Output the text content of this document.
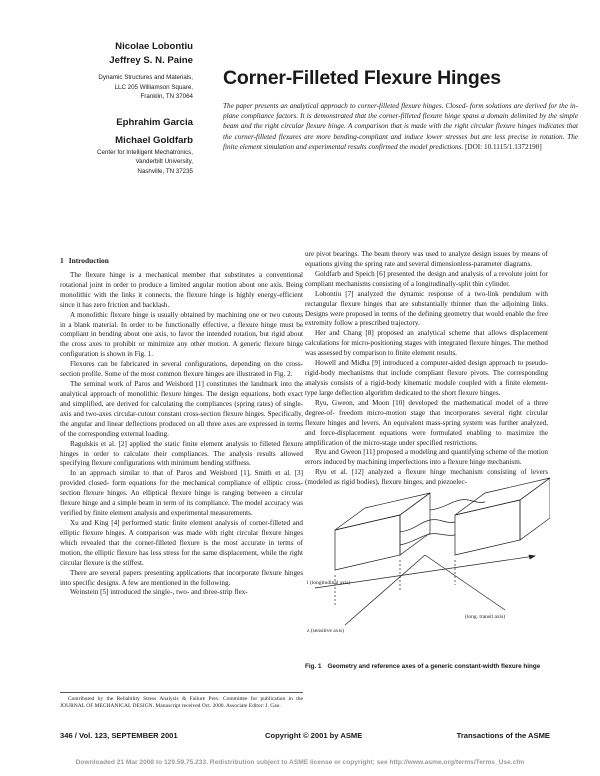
Nicolae Lobontiu
Jeffrey S. N. Paine
Dynamic Structures and Materials,
LLC 205 Williamson Square,
Franklin, TN 37064
Ephrahim Garcia
Michael Goldfarb
Center for Intelligent Mechatronics,
Vanderbilt University,
Nashville, TN 37235
Corner-Filleted Flexure Hinges

The paper presents an analytical approach to corner-filleted flexure hinges. Closed- form solutions are derived for the in-plane compliance factors. It is demonstrated that the corner-filleted flexure hinge spans a domain delimited by the simple beam and the right circular flexure hinge. A comparison that is made with the right circular flexure hinges indicates that the corner-filleted flexures are more bending-compliant and induce lower stresses but are less precise in rotation. The finite element simulation and experimental results confirmed the model predictions. [DOI: 10.1115/1.1372190]

1 Introduction

The flexure hinge is a mechanical member that substitutes a conventional rotational joint in order to produce a limited angular motion about one axis. Being monolithic with the links it connects, the flexure hinge is highly energy-efficient since it has zero friction and backlash.

A monolithic flexure hinge is usually obtained by machining one or two cutouts in a blank material. In order to be functionally effective, a flexure hinge must be compliant in bending about one axis, to favor the intended rotation, but rigid about the cross axes to prohibit or minimize any other motion. A generic flexure hinge configuration is shown in Fig. 1.

Flexures can be fabricated in several configurations, depending on the cross-section profile. Some of the most common flexure hinges are illustrated in Fig. 2.

The seminal work of Paros and Weisbord [1] constitutes the landmark into the analytical approach of monolithic flexure hinges. The design equations, both exact and simplified, are derived for calculating the compliances (spring rates) of single-axis and two-axes circular-cutout constant cross-section flexure hinges. Specifically, the angular and linear deflections produced on all three axes are expressed in terms of the corresponding external loading.

Ragulskis et al. [2] applied the static finite element analysis to filleted flexure hinges in order to calculate their compliances. The analysis results allowed specifying flexure configurations with minimum bending stiffness.

In an approach similar to that of Paros and Weisbord [1], Smith et al. [3] provided closed- form equations for the mechanical compliance of elliptic cross-section flexure hinges. An elliptical flexure hinge is ranging between a circular flexure hinge and a simple beam in term of its compliance. The model accuracy was verified by finite element analysis and experimental measurements.

Xu and King [4] performed static finite element analysis of corner-filleted and elliptic flexure hinges. A comparison was made with right circular flexure hinges which revealed that the corner-filleted flexure is the most accurate in terms of motion, the elliptic flexure has less stress for the same displacement, while the right circular flexure is the stiffest.

There are several papers presenting applications that incorporate flexure hinges into specific designs. A few are mentioned in the following.

Weinstein [5] introduced the single-, two- and three-strip flex-

Contributed by the Reliability Stress Analysis & Failure Prev. Committee for publication in the JOURNAL OF MECHANICAL DESIGN. Manuscript received Oct. 2000. Associate Editor: J. Gao.

ure pivot bearings. The beam theory was used to analyze design issues by means of equations giving the spring rate and several dimensionless-parameter diagrams.

Goldfarb and Speich [6] presented the design and analysis of a revolute joint for compliant mechanisms consisting of a longitudinally-split thin cylinder.

Lobontiu [7] analyzed the dynamic response of a two-link pendulum with rectangular flexure hinges that are substantially thinner than the adjoining links. Designs were proposed in terms of the defining geometry that would enable the free extremity follow a prescribed trajectory.

Her and Chang [8] proposed an analytical scheme that allows displacement calculations for micro-positioning stages with integrated flexure hinges. The method was assessed by comparison to finite element results.

Howell and Midha [9] introduced a computer-aided design approach to pseudo-rigid-body mechanisms that include compliant flexure pivots. The corresponding analysis consists of a rigid-body kinematic module coupled with a finite element-type large deflection algorithm dedicated to the short flexure hinges.

Ryu, Gweon, and Moon [10] developed the mathematical model of a three degree-of- freedom micro-motion stage that incorporates several right circular flexure hinges and levers. An equivalent mass-spring system was further analyzed, and force-displacement equations were formulated enabling to maximize the amplification of the micro-stage under specified restrictions.

Ryu and Gweon [11] proposed a modeling and quantifying scheme of the motion errors induced by machining imperfections into a flexure hinge mechanism.

Ryu et al. [12] analyzed a flexure hinge mechanism consisting of levers (modeled as rigid bodies), flexure hinges, and piezoelec-

l (longitudinal axis)
z (sensitive axis)
(long. transit axis)
Fig. 1 Geometry and reference axes of a generic constant-width flexure hinge
346 / Vol. 123, SEPTEMBER 2001	Copyright © 2001 by ASME	Transactions of the ASME
Downloaded 21 Mar 2008 to 129.59.75.233. Redistribution subject to ASME license or copyright; see http://www.asme.org/terms/Terms_Use.cfm
